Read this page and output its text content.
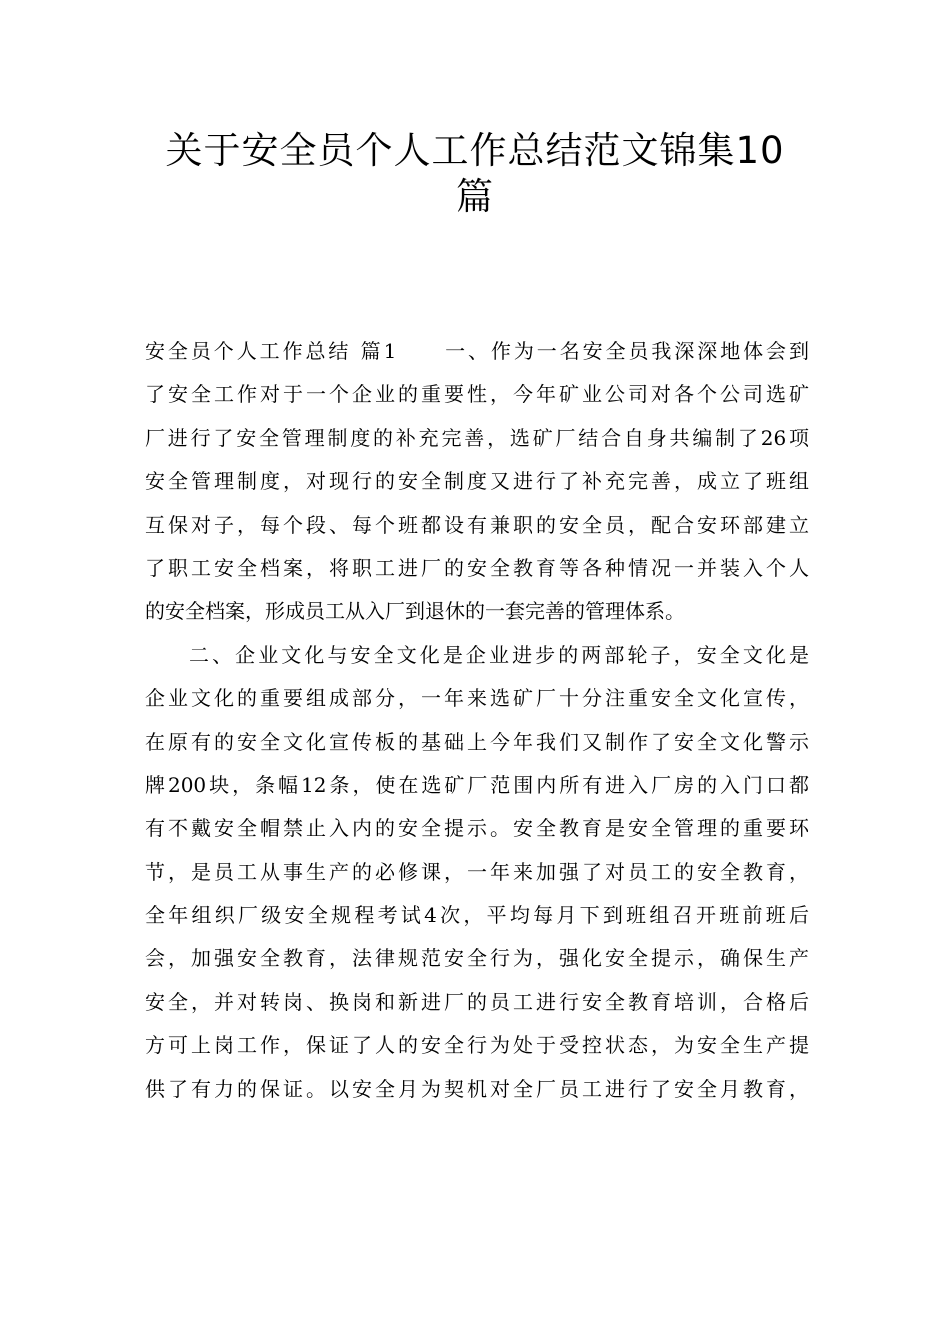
关于安全员个人工作总结范文锦集10
篇
安全员个人工作总结 篇1　　一、作为一名安全员我深深地体会到
了安全工作对于一个企业的重要性，今年矿业公司对各个公司选矿
厂进行了安全管理制度的补充完善，选矿厂结合自身共编制了26项
安全管理制度，对现行的安全制度又进行了补充完善，成立了班组
互保对子，每个段、每个班都设有兼职的安全员，配合安环部建立
了职工安全档案，将职工进厂的安全教育等各种情况一并装入个人
的安全档案，形成员工从入厂到退休的一套完善的管理体系。
二、企业文化与安全文化是企业进步的两部轮子，安全文化是
企业文化的重要组成部分，一年来选矿厂十分注重安全文化宣传，
在原有的安全文化宣传板的基础上今年我们又制作了安全文化警示
牌200块，条幅12条，使在选矿厂范围内所有进入厂房的入门口都
有不戴安全帽禁止入内的安全提示。安全教育是安全管理的重要环
节，是员工从事生产的必修课，一年来加强了对员工的安全教育，
全年组织厂级安全规程考试4次，平均每月下到班组召开班前班后
会，加强安全教育，法律规范安全行为，强化安全提示，确保生产
安全，并对转岗、换岗和新进厂的员工进行安全教育培训，合格后
方可上岗工作，保证了人的安全行为处于受控状态，为安全生产提
供了有力的保证。以安全月为契机对全厂员工进行了安全月教育，
